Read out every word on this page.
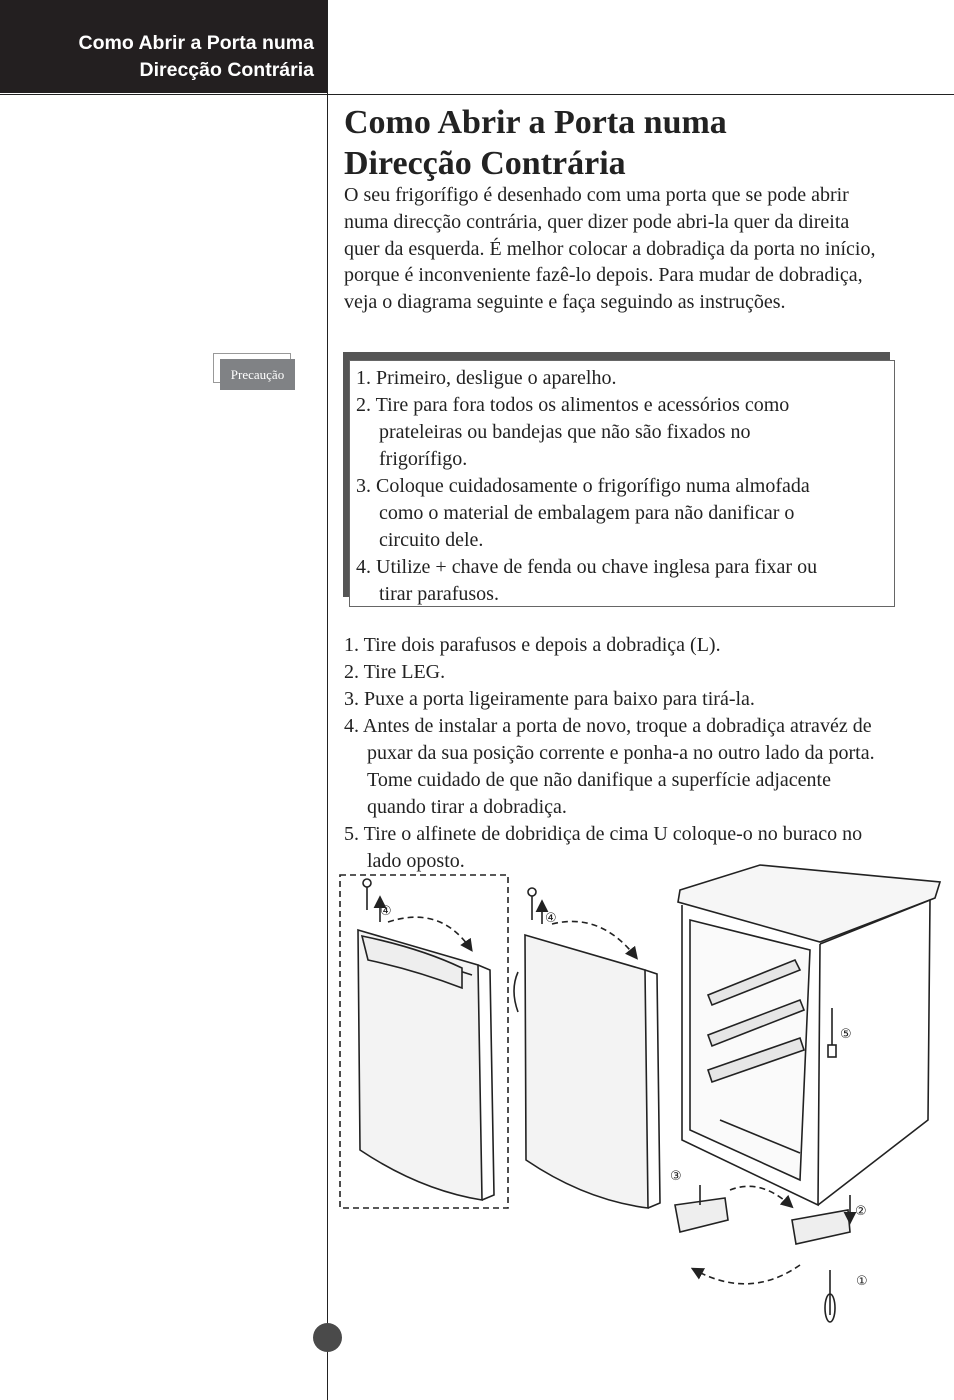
Como Abrir a Porta numa
Direcção Contrária
Como Abrir a Porta numa
Direcção Contrária

O seu frigorífigo é desenhado com uma porta que se pode abrir numa direcção contrária, quer dizer pode abri-la quer da direita quer da esquerda. É melhor colocar a dobradiça da porta no início, porque é inconveniente fazê-lo depois. Para mudar de dobradiça, veja o diagrama seguinte e faça seguindo as instruções.

Precaução	1. Primeiro, desligue o aparelho.
2. Tire para fora todos os alimentos e acessórios como prateleiras ou bandejas que não são fixados no frigorífigo.
3. Coloque cuidadosamente o frigorífigo numa almofada como o material de embalagem para não danificar o circuito dele.
4. Utilize + chave de fenda ou chave inglesa para fixar ou tirar parafusos.
1. Tire dois parafusos e depois a dobradiça (L).
2. Tire LEG.
3. Puxe a porta ligeiramente para baixo para tirá-la.
4. Antes de instalar a porta de novo, troque a dobradiça atravéz de puxar da sua posição corrente e ponha-a no outro lado da porta. Tome cuidado de que não danifique a superfície adjacente quando tirar a dobradiça.
5. Tire o alfinete de dobridiça de cima U coloque-o no buraco no lado oposto.
④	④
⑤
③
②
①
